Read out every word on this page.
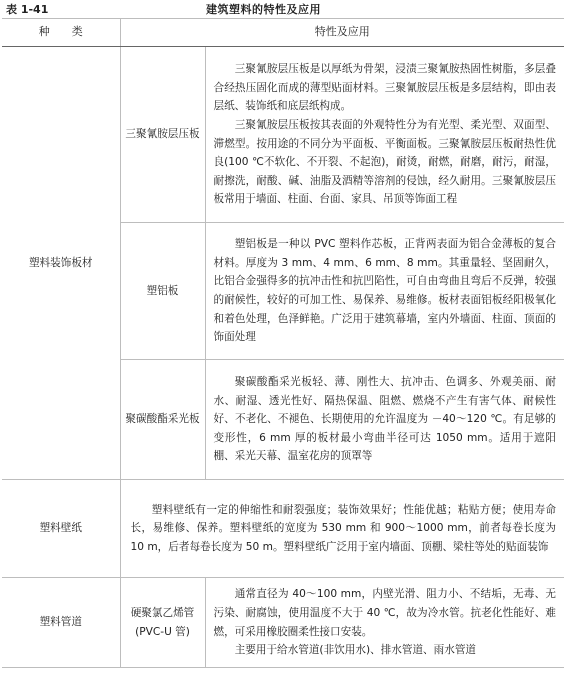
表 1-41	建筑塑料的特性及应用
种　　类	特性及应用	
塑料装饰板材	三聚氰胺层压板	三聚氰胺层压板是以厚纸为骨架，浸渍三聚氰胺热固性树脂，多层叠合经热压固化而成的薄型贴面材料。三聚氰胺层压板是多层结构，即由表层纸、装饰纸和底层纸构成。

三聚氰胺层压板按其表面的外观特性分为有光型、柔光型、双面型、滞燃型。按用途的不同分为平面板、平衡面板。三聚氰胺层压板耐热性优良(100 ℃不软化、不开裂、不起泡)，耐烫，耐燃，耐磨，耐污，耐湿，耐擦洗，耐酸、碱、油脂及酒精等溶剂的侵蚀，经久耐用。三聚氰胺层压板常用于墙面、柱面、台面、家具、吊顶等饰面工程

	塑铝板	塑铝板是一种以 PVC 塑料作芯板，正背两表面为铝合金薄板的复合材料。厚度为 3 mm、4 mm、6 mm、8 mm。其重量轻、坚固耐久，比铝合金强得多的抗冲击性和抗凹陷性，可自由弯曲且弯后不反弹，较强的耐候性，较好的可加工性、易保养、易维修。板材表面铝板经阳极氧化和着色处理，色泽鲜艳。广泛用于建筑幕墙，室内外墙面、柱面、顶面的饰面处理

	聚碳酸酯采光板	聚碳酸酯采光板轻、薄、刚性大、抗冲击、色调多、外观美丽、耐水、耐湿、透光性好、隔热保温、阻燃、燃烧不产生有害气体、耐候性好、不老化、不褪色、长期使用的允许温度为 －40～120 ℃。有足够的变形性，6 mm 厚的板材最小弯曲半径可达 1050 mm。适用于遮阳棚、采光天幕、温室花房的顶罩等

塑料壁纸	塑料壁纸有一定的伸缩性和耐裂强度；装饰效果好；性能优越；粘贴方便；使用寿命长，易维修、保养。塑料壁纸的宽度为 530 mm 和 900～1000 mm，前者每卷长度为 10 m，后者每卷长度为 50 m。塑料壁纸广泛用于室内墙面、顶棚、梁柱等处的贴面装饰	

塑料管道	硬聚氯乙烯管(PVC-U 管)	通常直径为 40～100 mm，内壁光滑、阻力小、不结垢，无毒、无污染、耐腐蚀，使用温度不大于 40 ℃，故为冷水管。抗老化性能好、难燃，可采用橡胶圈柔性接口安装。

主要用于给水管道(非饮用水)、排水管道、雨水管道
